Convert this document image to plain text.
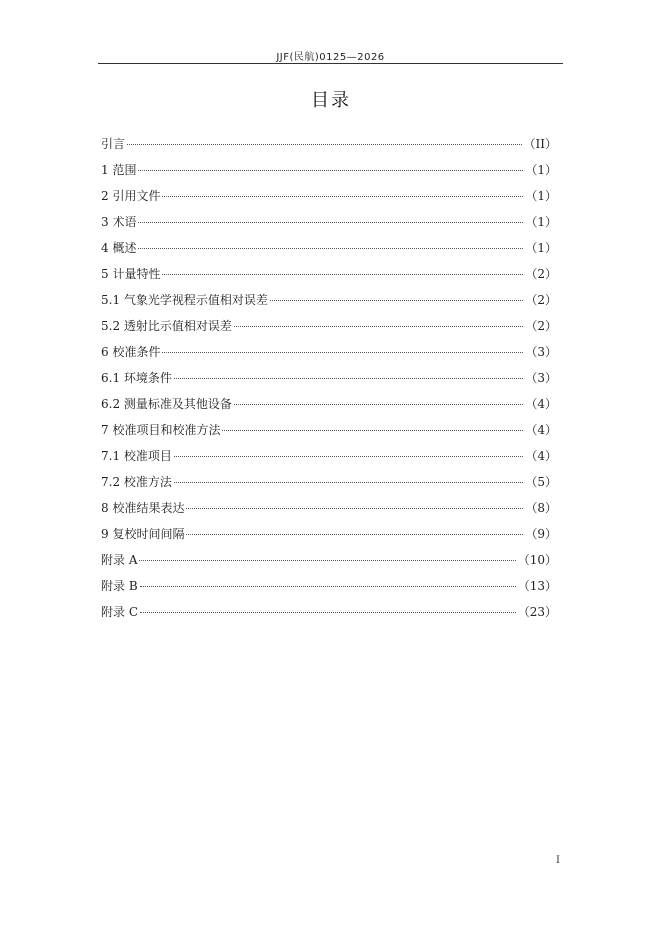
JJF(民航)0125—2026
目录
引言	（II）
1 范围	（1）
2 引用文件	（1）
3 术语	（1）
4 概述	（1）
5 计量特性	（2）
5.1 气象光学视程示值相对误差	（2）
5.2 透射比示值相对误差	（2）
6 校准条件	（3）
6.1 环境条件	（3）
6.2 测量标准及其他设备	（4）
7 校准项目和校准方法	（4）
7.1 校准项目	（4）
7.2 校准方法	（5）
8 校准结果表达	（8）
9 复校时间间隔	（9）
附录 A	（10）
附录 B	（13）
附录 C	（23）
I
